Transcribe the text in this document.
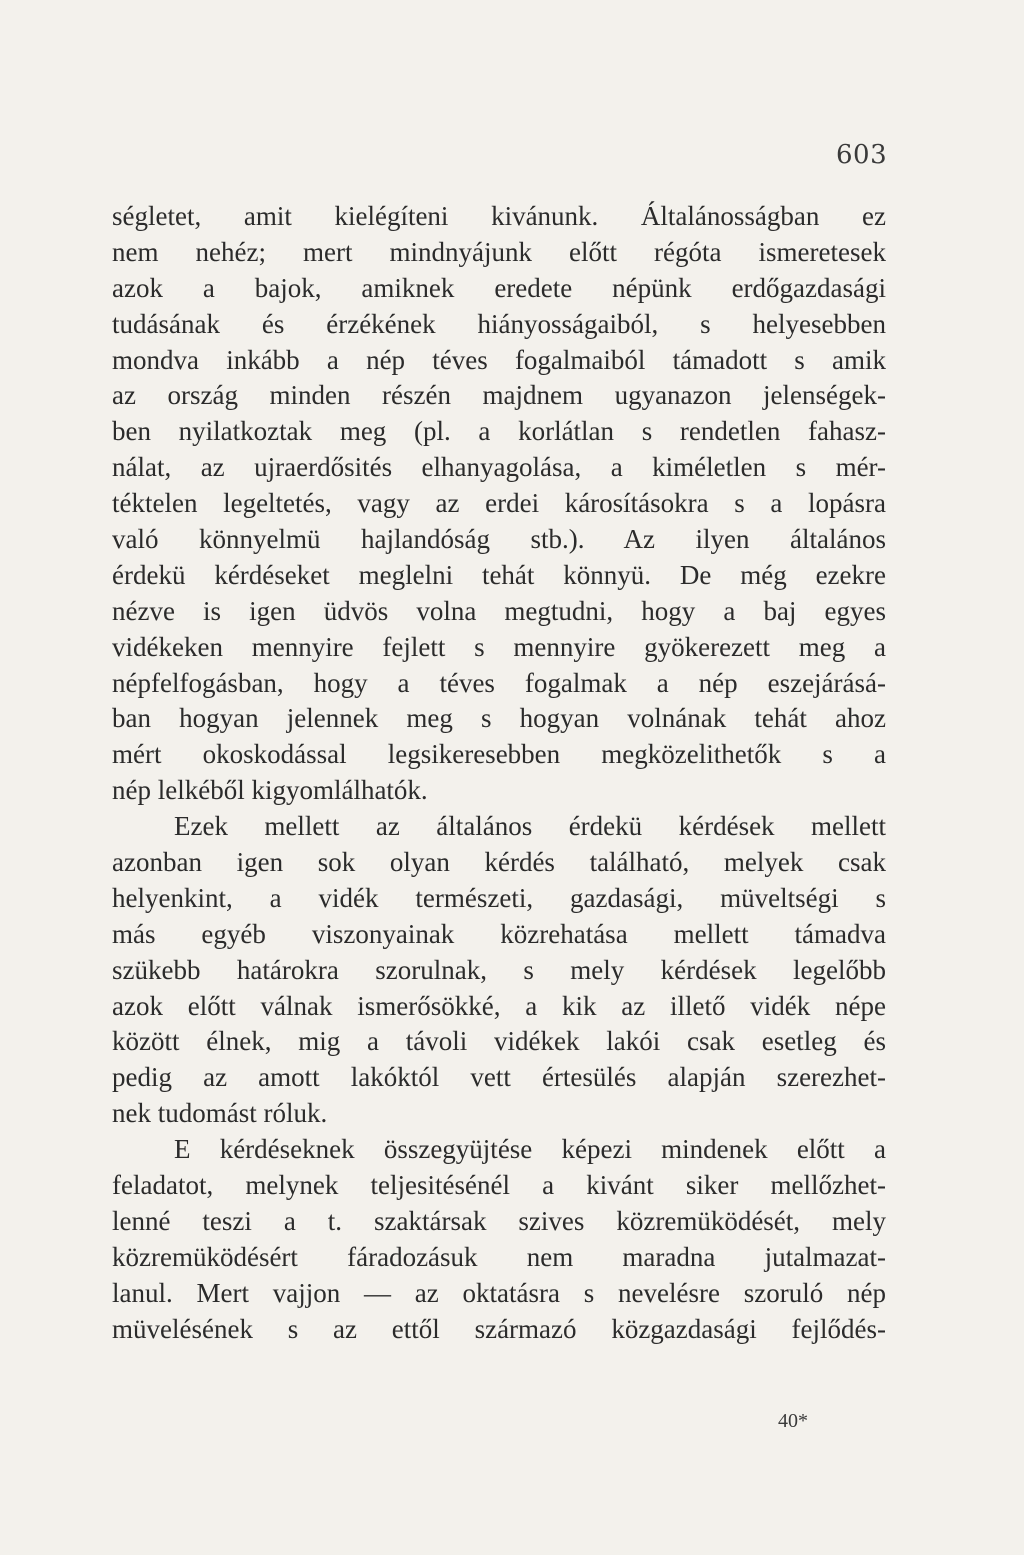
603
ségletet, amit kielégíteni kivánunk. Általánosságban ez
nem nehéz; mert mindnyájunk előtt régóta ismeretesek
azok a bajok, amiknek eredete népünk erdőgazdasági
tudásának és érzékének hiányosságaiból, s helyesebben
mondva inkább a nép téves fogalmaiból támadott s amik
az ország minden részén majdnem ugyanazon jelenségek-
ben nyilatkoztak meg (pl. a korlátlan s rendetlen fahasz-
nálat, az ujraerdősités elhanyagolása, a kiméletlen s mér-
téktelen legeltetés, vagy az erdei károsításokra s a lopásra
való könnyelmü hajlandóság stb.). Az ilyen általános
érdekü kérdéseket meglelni tehát könnyü. De még ezekre
nézve is igen üdvös volna megtudni, hogy a baj egyes
vidékeken mennyire fejlett s mennyire gyökerezett meg a
népfelfogásban, hogy a téves fogalmak a nép eszejárásá-
ban hogyan jelennek meg s hogyan volnának tehát ahoz
mért okoskodással legsikeresebben megközelithetők s a
nép lelkéből kigyomlálhatók.
Ezek mellett az általános érdekü kérdések mellett
azonban igen sok olyan kérdés található, melyek csak
helyenkint, a vidék természeti, gazdasági, müveltségi s
más egyéb viszonyainak közrehatása mellett támadva
szükebb határokra szorulnak, s mely kérdések legelőbb
azok előtt válnak ismerősökké, a kik az illető vidék népe
között élnek, mig a távoli vidékek lakói csak esetleg és
pedig az amott lakóktól vett értesülés alapján szerezhet-
nek tudomást róluk.
E kérdéseknek összegyüjtése képezi mindenek előtt a
feladatot, melynek teljesitésénél a kivánt siker mellőzhet-
lenné teszi a t. szaktársak szives közremüködését, mely
közremüködésért fáradozásuk nem maradna jutalmazat-
lanul. Mert vajjon — az oktatásra s nevelésre szoruló nép
müvelésének s az ettől származó közgazdasági fejlődés-
40*
